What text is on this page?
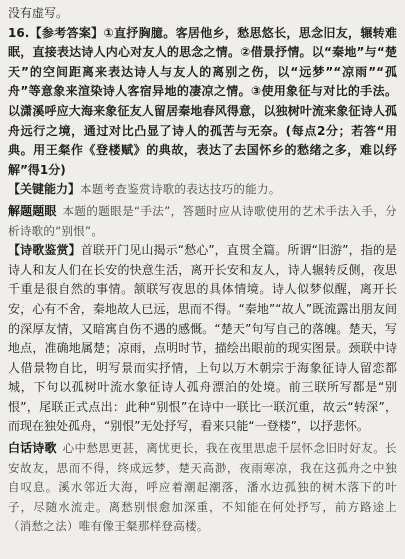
没有虚写。

16.【参考答案】①直抒胸臆。客居他乡，愁思悠长，思念旧友，辗转难眠，直接表达诗人内心对友人的思念之情。②借景抒情。以“秦地”与“楚天”的空间距离来表达诗人与友人的离别之伤，以“远梦”“凉雨”“孤舟”等意象来渲染诗人客宿异地的凄凉之情。③使用象征与对比的手法。以潇溪呼应大海来象征友人留居秦地春风得意，以独树叶流来象征诗人孤舟远行之境，通过对比凸显了诗人的孤苦与无奈。(每点2分；若答“用典。用王粲作《登楼赋》的典故，表达了去国怀乡的愁绪之多，难以纾解”得1分)

【关键能力】本题考查鉴赏诗歌的表达技巧的能力。

解题题眼 本题的题眼是“手法”，答题时应从诗歌使用的艺术手法入手，分析诗歌的“别恨”。

【诗歌鉴赏】首联开门见山揭示“愁心”，直贯全篇。所谓“旧游”，指的是诗人和友人们在长安的快意生活，离开长安和友人，诗人辗转反侧，夜思千重是很自然的事情。颔联写夜思的具体情境。诗人似梦似醒，离开长安，心有不舍，秦地故人已远，思而不得。“秦地”“故人”既流露出朋友间的深厚友情，又暗寓自伤不遇的感慨。“楚天”句写自己的落魄。楚天，写地点，准确地属楚；凉雨，点明时节，描绘出眼前的现实图景。颈联中诗人借景物自比，明写景而实抒情，上句以万木朝宗于海象征诗人留恋都城，下句以孤树叶流水象征诗人孤舟漂泊的处境。前三联所写都是“别恨”，尾联正式点出：此种“别恨”在诗中一联比一联沉重，故云“转深”，而现在独处孤舟，“别恨”无处抒写，看来只能“一登楼”，以抒悲怀。

白话诗歌 心中愁思更甚，离忧更长，我在夜里思虑千层怀念旧时好友。长安故友，思而不得，终成远梦，楚天高渺，夜雨寒凉，我在这孤舟之中独自叹息。溪水邻近大海，呼应着潮起潮落，潘水边孤独的树木落下的叶子，尽随水流走。离愁别恨愈加深重，不知能在何处抒写，前方路途上（消愁之法）唯有像王粲那样登高楼。
